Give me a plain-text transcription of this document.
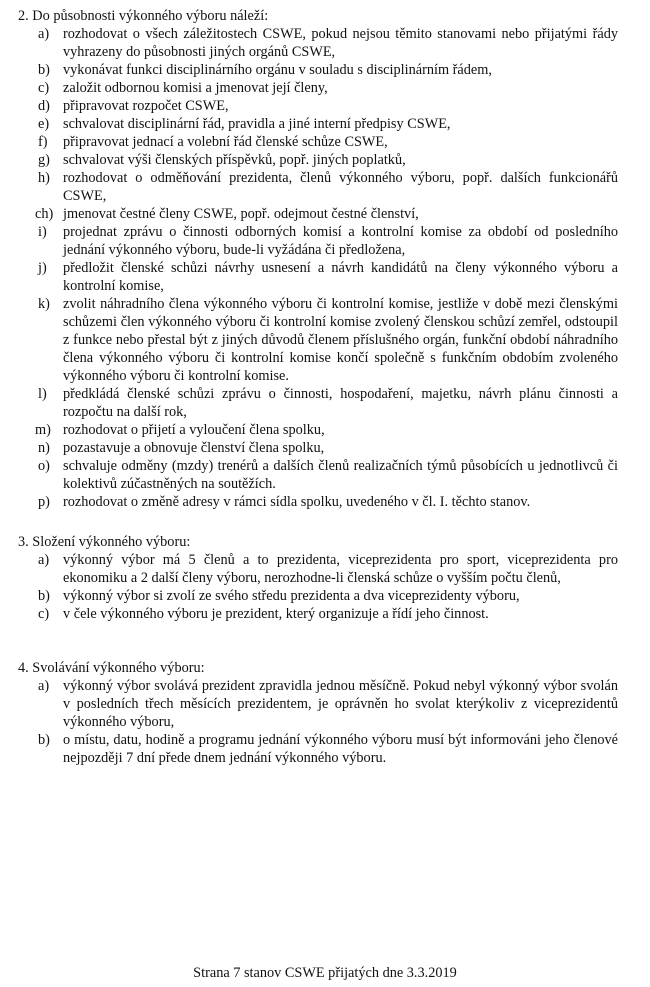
2. Do působnosti výkonného výboru náleží:

a) rozhodovat o všech záležitostech CSWE, pokud nejsou těmito stanovami nebo přijatými řády vyhrazeny do působnosti jiných orgánů CSWE,
b) vykonávat funkci disciplinárního orgánu v souladu s disciplinárním řádem,
c) založit odbornou komisi a jmenovat její členy,
d) připravovat rozpočet CSWE,
e) schvalovat disciplinární řád, pravidla a jiné interní předpisy CSWE,
f) připravovat jednací a volební řád členské schůze CSWE,
g) schvalovat výši členských příspěvků, popř. jiných poplatků,
h) rozhodovat o odměňování prezidenta, členů výkonného výboru, popř. dalších funkcionářů CSWE,
ch) jmenovat čestné členy CSWE, popř. odejmout čestné členství,
i) projednat zprávu o činnosti odborných komisí a kontrolní komise za období od posledního jednání výkonného výboru, bude-li vyžádána či předložena,
j) předložit členské schůzi návrhy usnesení a návrh kandidátů na členy výkonného výboru a kontrolní komise,
k) zvolit náhradního člena výkonného výboru či kontrolní komise, jestliže v době mezi členskými schůzemi člen výkonného výboru či kontrolní komise zvolený členskou schůzí zemřel, odstoupil z funkce nebo přestal být z jiných důvodů členem příslušného orgán, funkční období náhradního člena výkonného výboru či kontrolní komise končí společně s funkčním obdobím zvoleného výkonného výboru či kontrolní komise.
l) předkládá členské schůzi zprávu o činnosti, hospodaření, majetku, návrh plánu činnosti a rozpočtu na další rok,
m) rozhodovat o přijetí a vyloučení člena spolku,
n) pozastavuje a obnovuje členství člena spolku,
o) schvaluje odměny (mzdy) trenérů a dalších členů realizačních týmů působících u jednotlivců či kolektivů zúčastněných na soutěžích.
p) rozhodovat o změně adresy v rámci sídla spolku, uvedeného v čl. I. těchto stanov.

3. Složení výkonného výboru:

a) výkonný výbor má 5 členů a to prezidenta, viceprezidenta pro sport, viceprezidenta pro ekonomiku a 2 další členy výboru, nerozhodne-li členská schůze o vyšším počtu členů,
b) výkonný výbor si zvolí ze svého středu prezidenta a dva viceprezidenty výboru,
c) v čele výkonného výboru je prezident, který organizuje a řídí jeho činnost.

4. Svolávání výkonného výboru:

a) výkonný výbor svolává prezident zpravidla jednou měsíčně. Pokud nebyl výkonný výbor svolán v posledních třech měsících prezidentem, je oprávněn ho svolat kterýkoliv z viceprezidentů výkonného výboru,
b) o místu, datu, hodině a programu jednání výkonného výboru musí být informováni jeho členové nejpozději 7 dní přede dnem jednání výkonného výboru.
Strana 7 stanov CSWE přijatých dne 3.3.2019
